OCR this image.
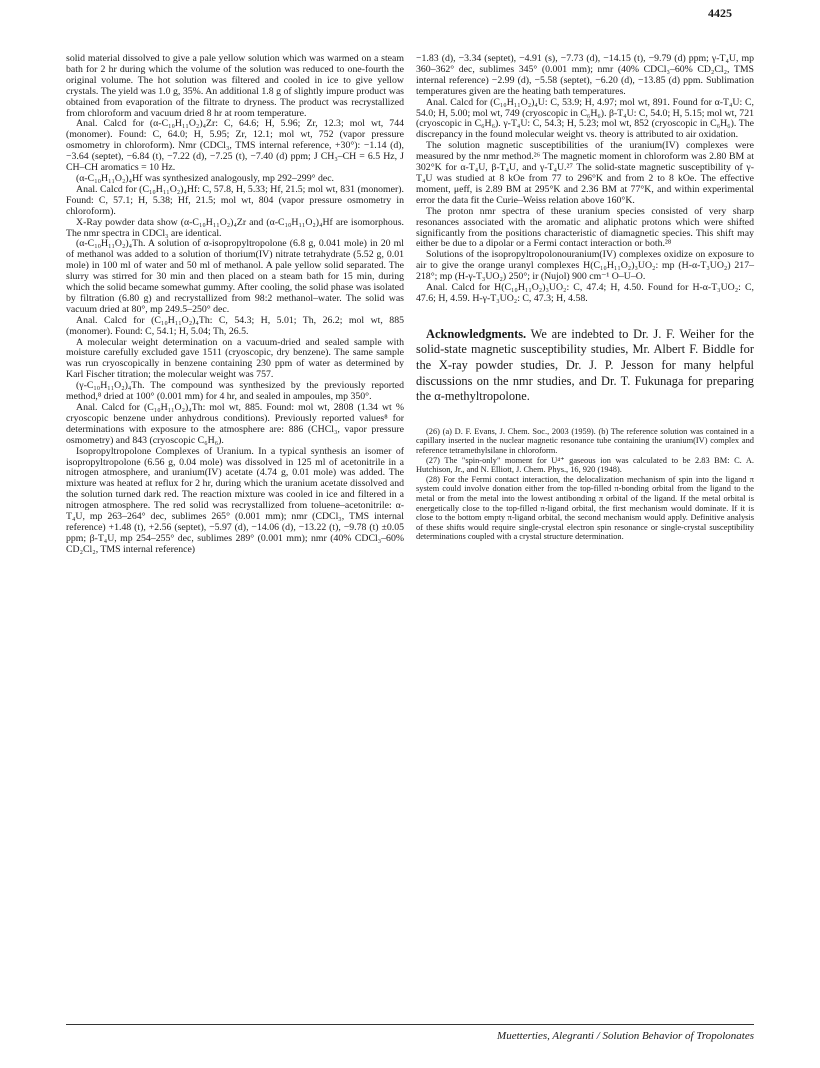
4425

solid material dissolved to give a pale yellow solution which was warmed on a steam bath for 2 hr during which the volume of the solution was reduced to one-fourth the original volume. The hot solution was filtered and cooled in ice to give yellow crystals. The yield was 1.0 g, 35%. An additional 1.8 g of slightly impure product was obtained from evaporation of the filtrate to dryness. The product was recrystallized from chloroform and vacuum dried 8 hr at room temperature.

Anal. Calcd for (α-C₁₀H₁₁O₂)₄Zr: C, 64.6; H, 5.96; Zr, 12.3; mol wt, 744 (monomer). Found: C, 64.0; H, 5.95; Zr, 12.1; mol wt, 752 (vapor pressure osmometry in chloroform). Nmr (CDCl₃, TMS internal reference, +30°): −1.14 (d), −3.64 (septet), −6.84 (t), −7.22 (d), −7.25 (t), −7.40 (d) ppm; J CH₃–CH = 6.5 Hz, J CH–CH aromatics = 10 Hz.

(α-C₁₀H₁₁O₂)₄Hf was synthesized analogously, mp 292–299° dec.

Anal. Calcd for (C₁₀H₁₁O₂)₄Hf: C, 57.8, H, 5.33; Hf, 21.5; mol wt, 831 (monomer). Found: C, 57.1; H, 5.38; Hf, 21.5; mol wt, 804 (vapor pressure osmometry in chloroform).

X-Ray powder data show (α-C₁₀H₁₁O₂)₄Zr and (α-C₁₀H₁₁O₂)₄Hf are isomorphous. The nmr spectra in CDCl₃ are identical.

(α-C₁₀H₁₁O₂)₄Th. A solution of α-isopropyltropolone (6.8 g, 0.041 mole) in 20 ml of methanol was added to a solution of thorium(IV) nitrate tetrahydrate (5.52 g, 0.01 mole) in 100 ml of water and 50 ml of methanol. A pale yellow solid separated. The slurry was stirred for 30 min and then placed on a steam bath for 15 min, during which the solid became somewhat gummy. After cooling, the solid phase was isolated by filtration (6.80 g) and recrystallized from 98:2 methanol–water. The solid was vacuum dried at 80°, mp 249.5–250° dec.

Anal. Calcd for (C₁₀H₁₁O₂)₄Th: C, 54.3; H, 5.01; Th, 26.2; mol wt, 885 (monomer). Found: C, 54.1; H, 5.04; Th, 26.5.

A molecular weight determination on a vacuum-dried and sealed sample with moisture carefully excluded gave 1511 (cryoscopic, dry benzene). The same sample was run cryoscopically in benzene containing 230 ppm of water as determined by Karl Fischer titration; the molecular weight was 757.

(γ-C₁₀H₁₁O₂)₄Th. The compound was synthesized by the previously reported method,⁸ dried at 100° (0.001 mm) for 4 hr, and sealed in ampoules, mp 350°.

Anal. Calcd for (C₁₀H₁₁O₂)₄Th: mol wt, 885. Found: mol wt, 2808 (1.34 wt % cryoscopic benzene under anhydrous conditions). Previously reported values⁸ for determinations with exposure to the atmosphere are: 886 (CHCl₃, vapor pressure osmometry) and 843 (cryoscopic C₆H₆).

Isopropyltropolone Complexes of Uranium. In a typical synthesis an isomer of isopropyltropolone (6.56 g, 0.04 mole) was dissolved in 125 ml of acetonitrile in a nitrogen atmosphere, and uranium(IV) acetate (4.74 g, 0.01 mole) was added. The mixture was heated at reflux for 2 hr, during which the uranium acetate dissolved and the solution turned dark red. The reaction mixture was cooled in ice and filtered in a nitrogen atmosphere. The red solid was recrystallized from toluene–acetonitrile: α-T₄U, mp 263–264° dec, sublimes 265° (0.001 mm); nmr (CDCl₃, TMS internal reference) +1.48 (t), +2.56 (septet), −5.97 (d), −14.06 (d), −13.22 (t), −9.78 (t) ±0.05 ppm; β-T₄U, mp 254–255° dec, sublimes 289° (0.001 mm); nmr (40% CDCl₃–60% CD₂Cl₂, TMS internal reference)

−1.83 (d), −3.34 (septet), −4.91 (s), −7.73 (d), −14.15 (t), −9.79 (d) ppm; γ-T₄U, mp 360–362° dec, sublimes 345° (0.001 mm); nmr (40% CDCl₃–60% CD₂Cl₂, TMS internal reference) −2.99 (d), −5.58 (septet), −6.20 (d), −13.85 (d) ppm. Sublimation temperatures given are the heating bath temperatures.

Anal. Calcd for (C₁₀H₁₁O₂)₄U: C, 53.9; H, 4.97; mol wt, 891. Found for α-T₄U: C, 54.0; H, 5.00; mol wt, 749 (cryoscopic in C₆H₆). β-T₄U: C, 54.0; H, 5.15; mol wt, 721 (cryoscopic in C₆H₆). γ-T₄U: C, 54.3; H, 5.23; mol wt, 852 (cryoscopic in C₆H₆). The discrepancy in the found molecular weight vs. theory is attributed to air oxidation.

The solution magnetic susceptibilities of the uranium(IV) complexes were measured by the nmr method.²⁶ The magnetic moment in chloroform was 2.80 BM at 302°K for α-T₄U, β-T₄U, and γ-T₄U.²⁷ The solid-state magnetic susceptibility of γ-T₄U was studied at 8 kOe from 77 to 296°K and from 2 to 8 kOe. The effective moment, μeff, is 2.89 BM at 295°K and 2.36 BM at 77°K, and within experimental error the data fit the Curie–Weiss relation above 160°K.

The proton nmr spectra of these uranium species consisted of very sharp resonances associated with the aromatic and aliphatic protons which were shifted significantly from the positions characteristic of diamagnetic species. This shift may either be due to a dipolar or a Fermi contact interaction or both.²⁸

Solutions of the isopropyltropolonouranium(IV) complexes oxidize on exposure to air to give the orange uranyl complexes H(C₁₀H₁₁O₂)₃UO₂: mp (H-α-T₃UO₂) 217–218°; mp (H-γ-T₃UO₂) 250°; ir (Nujol) 900 cm⁻¹ O–U–O.

Anal. Calcd for H(C₁₀H₁₁O₂)₃UO₂: C, 47.4; H, 4.50. Found for H-α-T₃UO₂: C, 47.6; H, 4.59. H-γ-T₃UO₂: C, 47.3; H, 4.58.

Acknowledgments. We are indebted to Dr. J. F. Weiher for the solid-state magnetic susceptibility studies, Mr. Albert F. Biddle for the X-ray powder studies, Dr. J. P. Jesson for many helpful discussions on the nmr studies, and Dr. T. Fukunaga for preparing the α-methyltropolone.

(26) (a) D. F. Evans, J. Chem. Soc., 2003 (1959). (b) The reference solution was contained in a capillary inserted in the nuclear magnetic resonance tube containing the uranium(IV) complex and reference tetramethylsilane in chloroform.

(27) The "spin-only" moment for U⁴⁺ gaseous ion was calculated to be 2.83 BM: C. A. Hutchison, Jr., and N. Elliott, J. Chem. Phys., 16, 920 (1948).

(28) For the Fermi contact interaction, the delocalization mechanism of spin into the ligand π system could involve donation either from the top-filled π-bonding orbital from the ligand to the metal or from the metal into the lowest antibonding π orbital of the ligand. If the metal orbital is energetically close to the top-filled π-ligand orbital, the first mechanism would dominate. If it is close to the bottom empty π-ligand orbital, the second mechanism would apply. Definitive analysis of these shifts would require single-crystal electron spin resonance or single-crystal susceptibility determinations coupled with a crystal structure determination.

Muetterties, Alegranti / Solution Behavior of Tropolonates
